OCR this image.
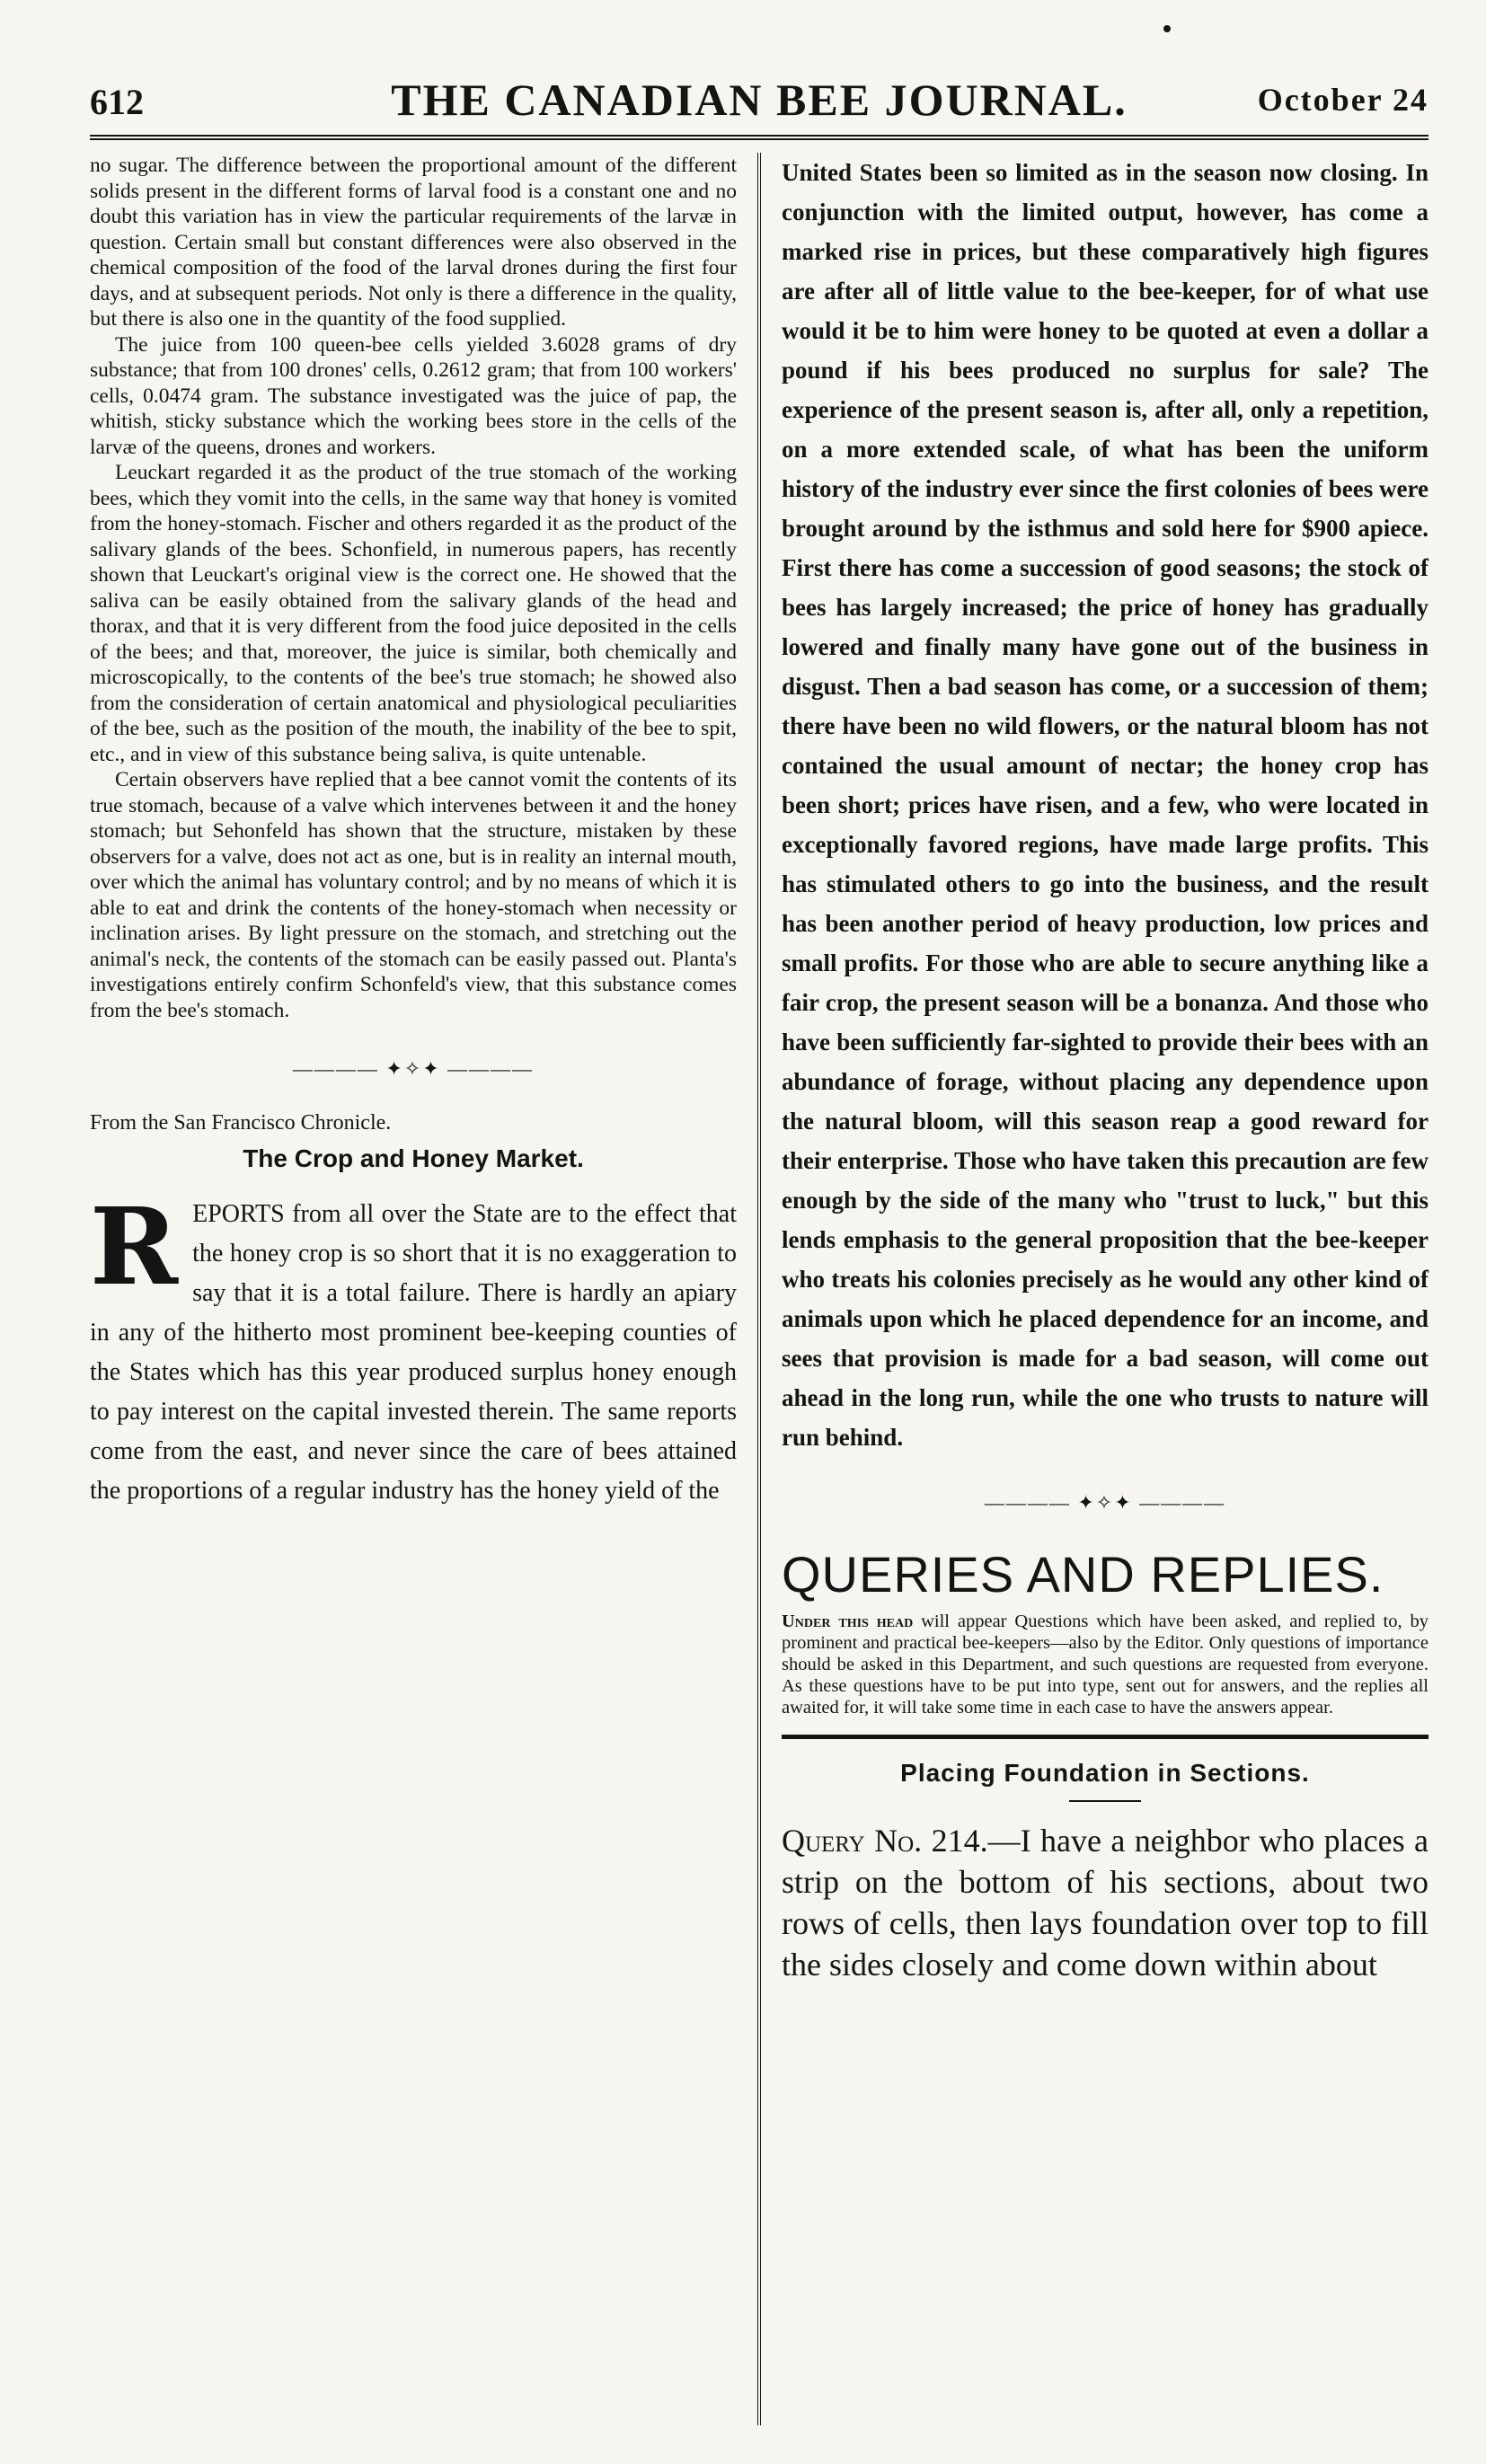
612	THE CANADIAN BEE JOURNAL.	October 24

no sugar. The difference between the proportional amount of the different solids present in the different forms of larval food is a constant one and no doubt this variation has in view the particular requirements of the larvæ in question. Certain small but constant differences were also observed in the chemical composition of the food of the larval drones during the first four days, and at subsequent periods. Not only is there a difference in the quality, but there is also one in the quantity of the food supplied.

The juice from 100 queen-bee cells yielded 3.6028 grams of dry substance; that from 100 drones' cells, 0.2612 gram; that from 100 workers' cells, 0.0474 gram. The substance investigated was the juice of pap, the whitish, sticky substance which the working bees store in the cells of the larvæ of the queens, drones and workers.

Leuckart regarded it as the product of the true stomach of the working bees, which they vomit into the cells, in the same way that honey is vomited from the honey-stomach. Fischer and others regarded it as the product of the salivary glands of the bees. Schonfield, in numerous papers, has recently shown that Leuckart's original view is the correct one. He showed that the saliva can be easily obtained from the salivary glands of the head and thorax, and that it is very different from the food juice deposited in the cells of the bees; and that, moreover, the juice is similar, both chemically and microscopically, to the contents of the bee's true stomach; he showed also from the consideration of certain anatomical and physiological peculiarities of the bee, such as the position of the mouth, the inability of the bee to spit, etc., and in view of this substance being saliva, is quite untenable.

Certain observers have replied that a bee cannot vomit the contents of its true stomach, because of a valve which intervenes between it and the honey stomach; but Sehonfeld has shown that the structure, mistaken by these observers for a valve, does not act as one, but is in reality an internal mouth, over which the animal has voluntary control; and by no means of which it is able to eat and drink the contents of the honey-stomach when necessity or inclination arises. By light pressure on the stomach, and stretching out the animal's neck, the contents of the stomach can be easily passed out. Planta's investigations entirely confirm Schonfeld's view, that this substance comes from the bee's stomach.

———— ✦✧✦ ————
From the San Francisco Chronicle.
The Crop and Honey Market.
R EPORTS from all over the State are to the effect that the honey crop is so short that it is no exaggeration to say that it is a total failure. There is hardly an apiary in any of the hitherto most prominent bee-keeping counties of the States which has this year produced surplus honey enough to pay interest on the capital invested therein. The same reports come from the east, and never since the care of bees attained the proportions of a regular industry has the honey yield of the

United States been so limited as in the season now closing. In conjunction with the limited output, however, has come a marked rise in prices, but these comparatively high figures are after all of little value to the bee-keeper, for of what use would it be to him were honey to be quoted at even a dollar a pound if his bees produced no surplus for sale? The experience of the present season is, after all, only a repetition, on a more extended scale, of what has been the uniform history of the industry ever since the first colonies of bees were brought around by the isthmus and sold here for $900 apiece. First there has come a succession of good seasons; the stock of bees has largely increased; the price of honey has gradually lowered and finally many have gone out of the business in disgust. Then a bad season has come, or a succession of them; there have been no wild flowers, or the natural bloom has not contained the usual amount of nectar; the honey crop has been short; prices have risen, and a few, who were located in exceptionally favored regions, have made large profits. This has stimulated others to go into the business, and the result has been another period of heavy production, low prices and small profits. For those who are able to secure anything like a fair crop, the present season will be a bonanza. And those who have been sufficiently far-sighted to provide their bees with an abundance of forage, without placing any dependence upon the natural bloom, will this season reap a good reward for their enterprise. Those who have taken this precaution are few enough by the side of the many who "trust to luck," but this lends emphasis to the general proposition that the bee-keeper who treats his colonies precisely as he would any other kind of animals upon which he placed dependence for an income, and sees that provision is made for a bad season, will come out ahead in the long run, while the one who trusts to nature will run behind.

———— ✦✧✦ ————
QUERIES AND REPLIES.
Under this head will appear Questions which have been asked, and replied to, by prominent and practical bee-keepers—also by the Editor. Only questions of importance should be asked in this Department, and such questions are requested from everyone. As these questions have to be put into type, sent out for answers, and the replies all awaited for, it will take some time in each case to have the answers appear.
Placing Foundation in Sections.

Query No. 214.—I have a neighbor who places a strip on the bottom of his sections, about two rows of cells, then lays foundation over top to fill the sides closely and come down within about
